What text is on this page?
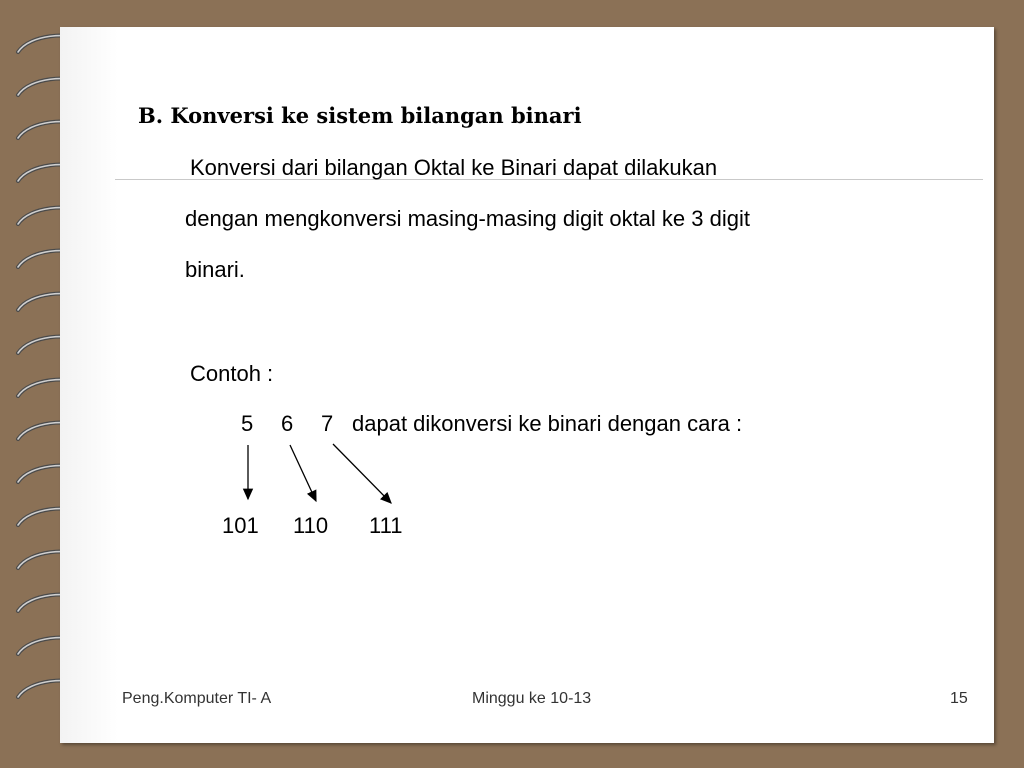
B. Konversi ke sistem bilangan binari
Konversi dari bilangan Oktal ke Binari dapat dilakukan
dengan mengkonversi masing-masing digit oktal ke 3 digit
binari.
Contoh :
5 6 7 dapat dikonversi ke binari dengan cara :
101 110 111
Peng.Komputer TI- A	Minggu ke 10-13	15
